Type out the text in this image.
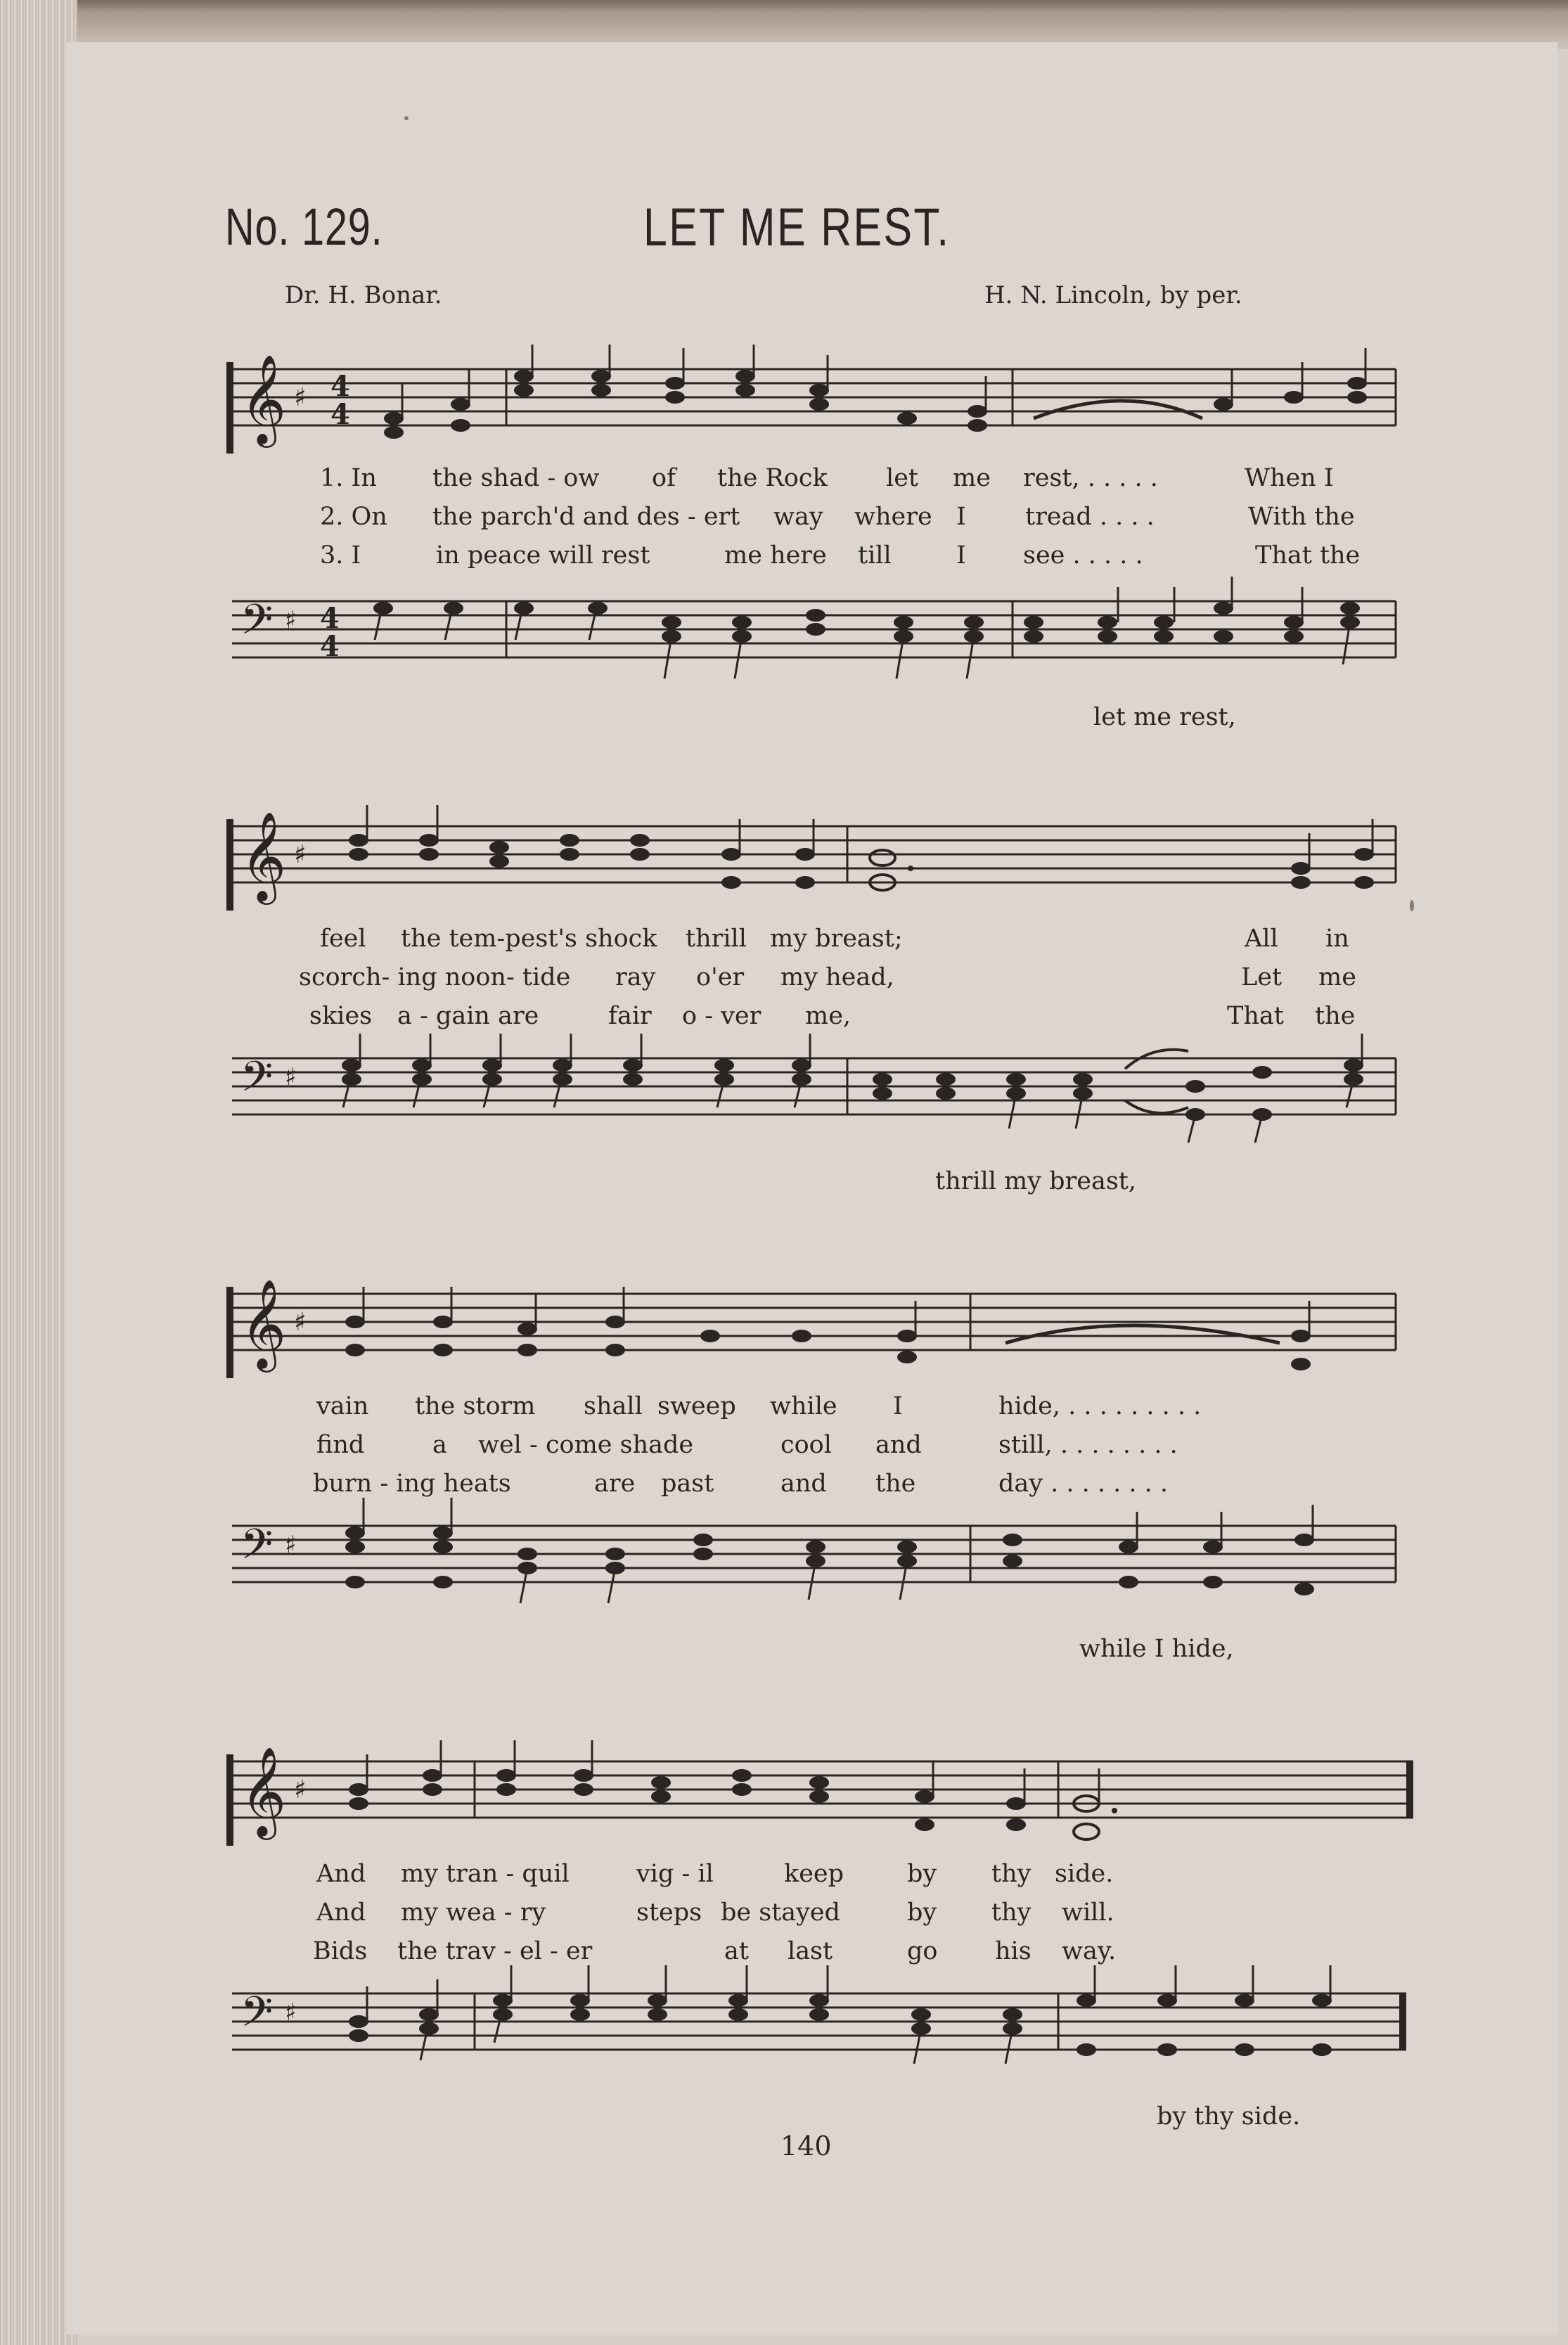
No. 129.	LET ME REST.
Dr. H. Bonar.	H. N. Lincoln, by per.
𝄞 ♯ 4
4
1. In the shad - ow of the Rock let me rest, . . . . .	When I
2. On the parch'd and des - ert way where I tread . . . .	With the
3. I	in peace will rest	me here till	I see . . . . .	That the
𝄢 ♯ 4
4
let me rest,
𝄞 ♯
feel the tem-pest's shock thrill my breast;	All in
scorch- ing noon- tide ray o'er my head,	Let me
skies a - gain are	fair o - ver me,	That the
𝄢 ♯
thrill my breast,
𝄞 ♯
vain the storm shall sweep while I	hide, . . . . . . . . .
find	a wel - come shade	cool and	still, . . . . . . . .
burn - ing heats	are past	and the	day . . . . . . . .
𝄢 ♯
while I hide,
𝄞 ♯
And my tran - quil	vig - il	keep	by thy side.
And my wea - ry	steps be stayed	by thy will.
Bids the trav - el - er	at last	go his way.
𝄢 ♯
by thy side.
140
